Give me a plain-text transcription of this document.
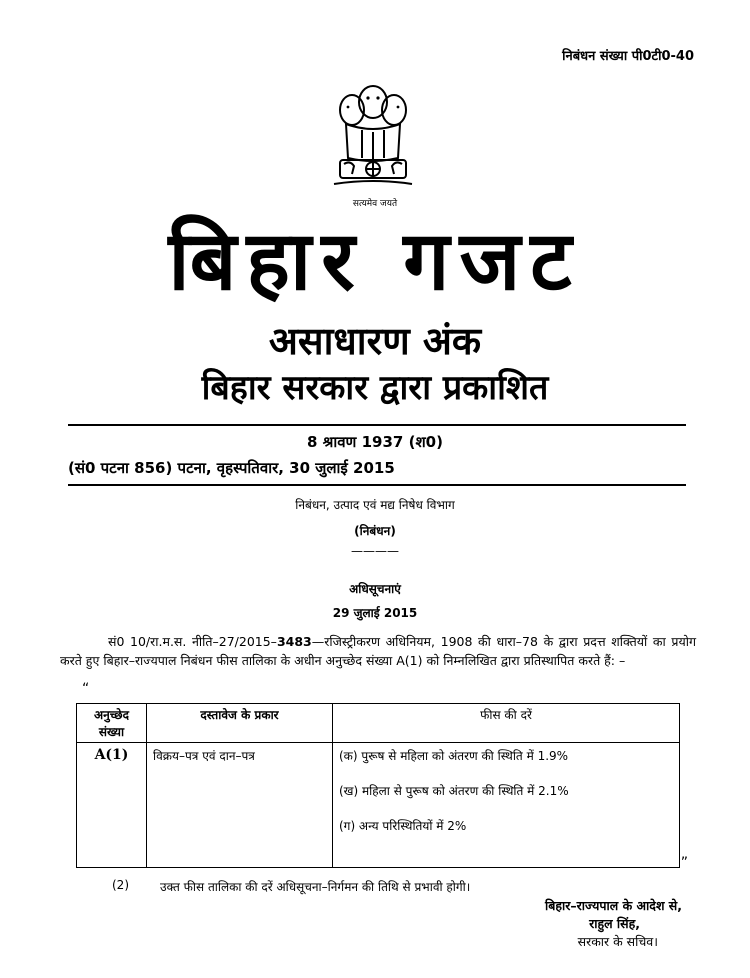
निबंधन संख्या पी0टी0-40
सत्यमेव जयते
बिहार गजट
असाधारण अंक
बिहार सरकार द्वारा प्रकाशित
8 श्रावण 1937 (श0)
(सं0 पटना 856) पटना, वृहस्पतिवार, 30 जुलाई 2015
निबंधन, उत्पाद एवं मद्य निषेध विभाग
(निबंधन)
————
अधिसूचनाएं
29 जुलाई 2015
सं0 10/रा.म.स. नीति–27/2015–3483—रजिस्ट्रीकरण अधिनियम, 1908 की धारा–78 के द्वारा प्रदत्त शक्तियों का प्रयोग करते हुए बिहार–राज्यपाल निबंधन फीस तालिका के अधीन अनुच्छेद संख्या A(1) को निम्नलिखित द्वारा प्रतिस्थापित करते हैं: –
“
अनुच्छेद संख्या	दस्तावेज के प्रकार	फीस की दरें
A(1)	विक्रय–पत्र एवं दान–पत्र	(क) पुरूष से महिला को अंतरण की स्थिति में 1.9%
(ख) महिला से पुरूष को अंतरण की स्थिति में 2.1%
(ग) अन्य परिस्थितियों में 2%
”
(2)	उक्त फीस तालिका की दरें अधिसूचना–निर्गमन की तिथि से प्रभावी होगी।
बिहार–राज्यपाल के आदेश से,
राहुल सिंह,
सरकार के सचिव।
